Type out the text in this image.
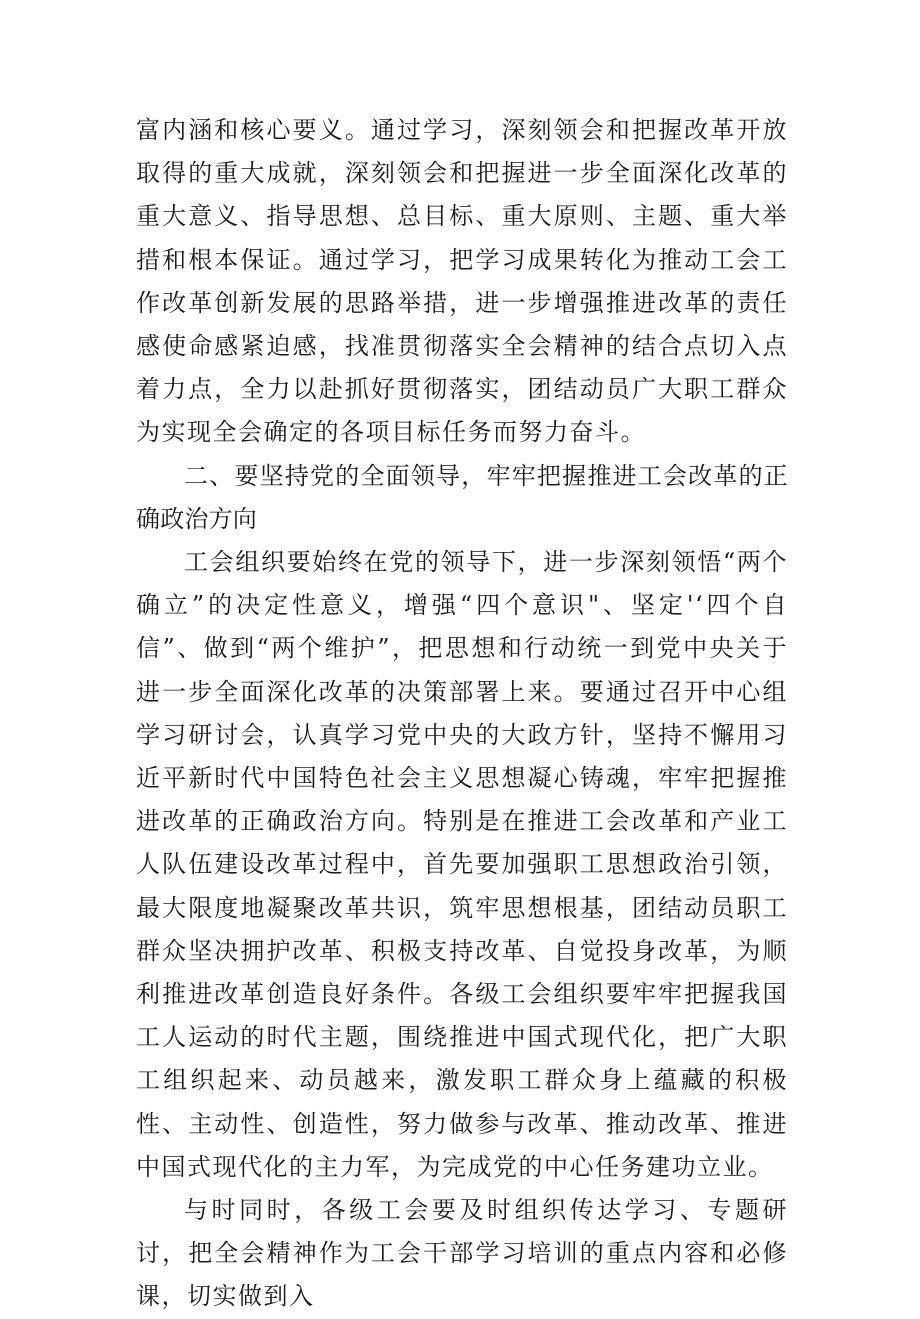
富内涵和核心要义。通过学习，深刻领会和把握改革开放取得的重大成就，深刻领会和把握进一步全面深化改革的重大意义、指导思想、总目标、重大原则、主题、重大举措和根本保证。通过学习，把学习成果转化为推动工会工作改革创新发展的思路举措，进一步增强推进改革的责任感使命感紧迫感，找准贯彻落实全会精神的结合点切入点着力点，全力以赴抓好贯彻落实，团结动员广大职工群众为实现全会确定的各项目标任务而努力奋斗。

二、要坚持党的全面领导，牢牢把握推进工会改革的正确政治方向

工会组织要始终在党的领导下，进一步深刻领悟“两个确立”的决定性意义，增强“四个意识"、坚定'‘四个自信”、做到“两个维护”，把思想和行动统一到党中央关于进一步全面深化改革的决策部署上来。要通过召开中心组学习研讨会，认真学习党中央的大政方针，坚持不懈用习近平新时代中国特色社会主义思想凝心铸魂，牢牢把握推进改革的正确政治方向。特别是在推进工会改革和产业工人队伍建设改革过程中，首先要加强职工思想政治引领，最大限度地凝聚改革共识，筑牢思想根基，团结动员职工群众坚决拥护改革、积极支持改革、自觉投身改革，为顺利推进改革创造良好条件。各级工会组织要牢牢把握我国工人运动的时代主题，围绕推进中国式现代化，把广大职工组织起来、动员越来，激发职工群众身上蕴藏的积极性、主动性、创造性，努力做参与改革、推动改革、推进中国式现代化的主力军，为完成党的中心任务建功立业。

与时同时，各级工会要及时组织传达学习、专题研讨，把全会精神作为工会干部学习培训的重点内容和必修课，切实做到入
